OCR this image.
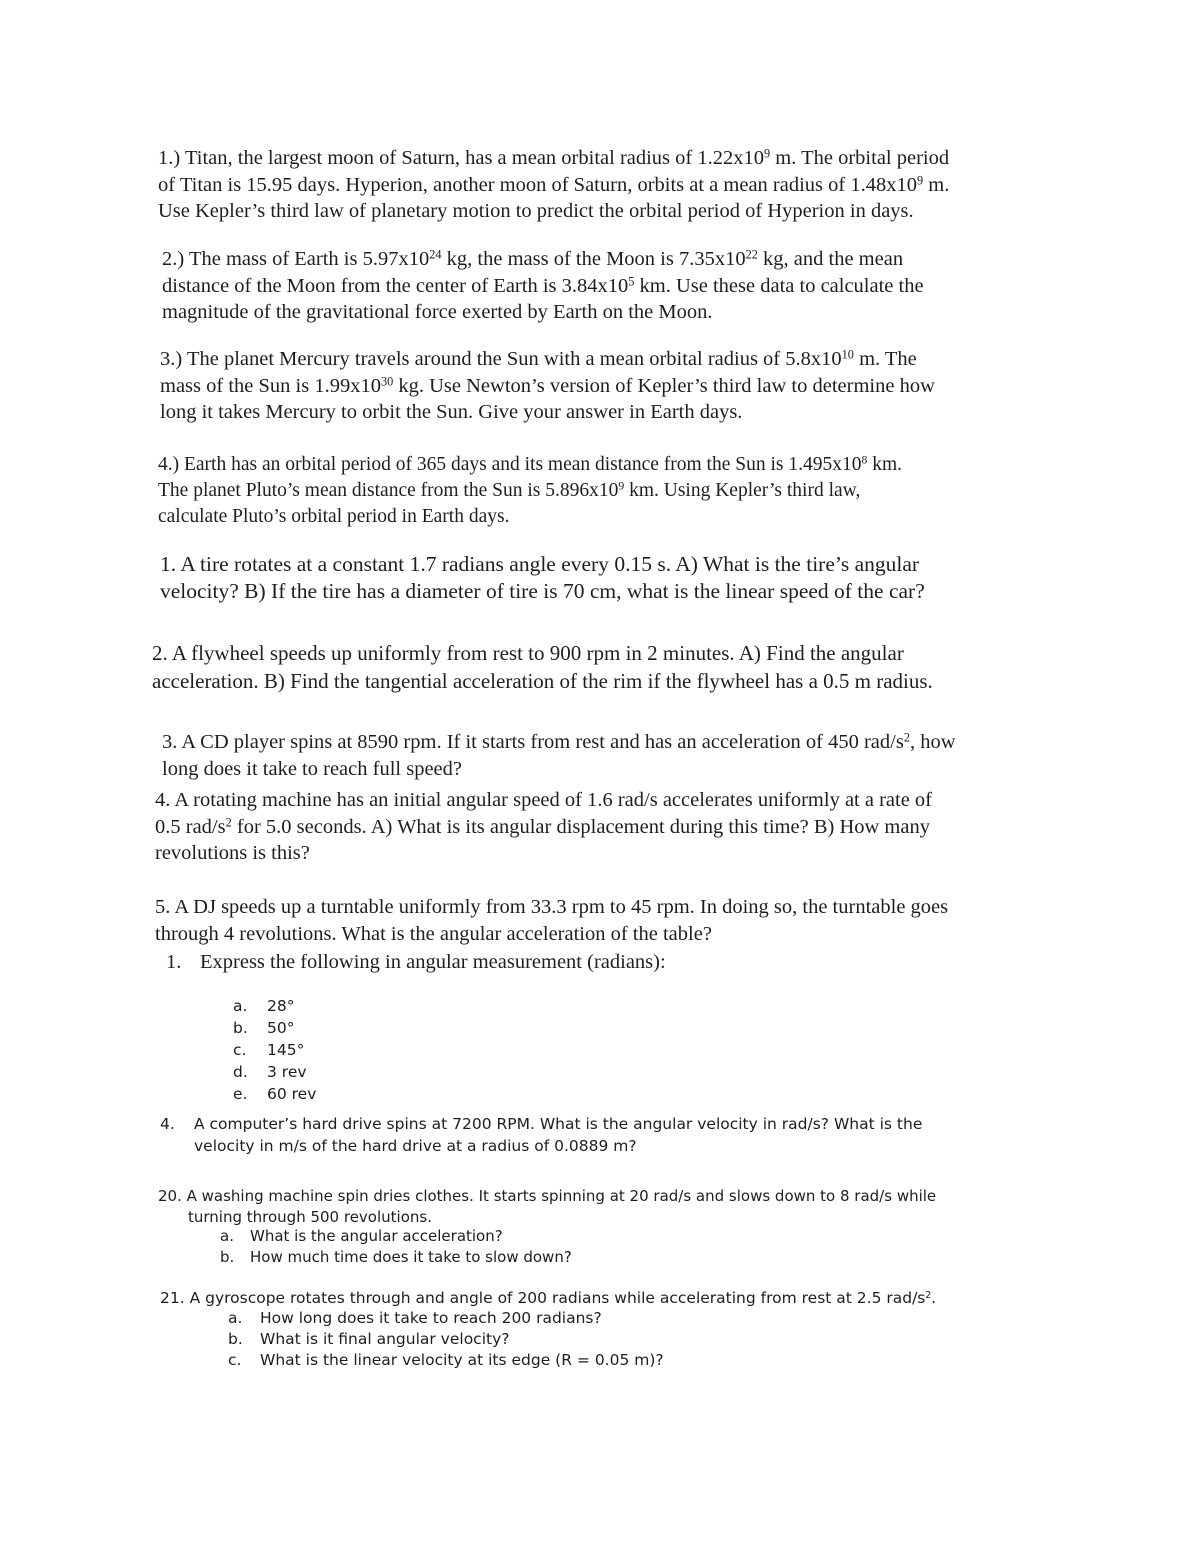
1.) Titan, the largest moon of Saturn, has a mean orbital radius of $1.22x10^9$ m. The orbital period
of Titan is 15.95 days. Hyperion, another moon of Saturn, orbits at a mean radius of $1.48x10^9$ m.
Use Kepler’s third law of planetary motion to predict the orbital period of Hyperion in days.
2.) The mass of Earth is $5.97x10^{24}$ kg, the mass of the Moon is $7.35x10^{22}$ kg, and the mean
distance of the Moon from the center of Earth is $3.84x10^5$ km. Use these data to calculate the
magnitude of the gravitational force exerted by Earth on the Moon.
3.) The planet Mercury travels around the Sun with a mean orbital radius of $5.8x10^{10}$ m. The
mass of the Sun is $1.99x10^{30}$ kg. Use Newton’s version of Kepler’s third law to determine how
long it takes Mercury to orbit the Sun. Give your answer in Earth days.
4.) Earth has an orbital period of 365 days and its mean distance from the Sun is $1.495x10^8$ km.
The planet Pluto’s mean distance from the Sun is $5.896x10^9$ km. Using Kepler’s third law,
calculate Pluto’s orbital period in Earth days.
1. A tire rotates at a constant 1.7 radians angle every 0.15 s. A) What is the tire’s angular
velocity? B) If the tire has a diameter of tire is 70 cm, what is the linear speed of the car?
2. A flywheel speeds up uniformly from rest to 900 rpm in 2 minutes. A) Find the angular
acceleration. B) Find the tangential acceleration of the rim if the flywheel has a 0.5 m radius.
3. A CD player spins at 8590 rpm. If it starts from rest and has an acceleration of 450 rad/$s^2$, how
long does it take to reach full speed?
4. A rotating machine has an initial angular speed of 1.6 rad/s accelerates uniformly at a rate of
0.5 rad/$s^2$ for 5.0 seconds. A) What is its angular displacement during this time? B) How many
revolutions is this?
5. A DJ speeds up a turntable uniformly from 33.3 rpm to 45 rpm. In doing so, the turntable goes
through 4 revolutions. What is the angular acceleration of the table?
1. Express the following in angular measurement (radians):
a. 28°
b. 50°
c. 145°
d. 3 rev
e. 60 rev
4. A computer’s hard drive spins at 7200 RPM. What is the angular velocity in rad/s? What is the
velocity in m/s of the hard drive at a radius of 0.0889 m?
20. A washing machine spin dries clothes. It starts spinning at 20 rad/s and slows down to 8 rad/s while
turning through 500 revolutions.
a. What is the angular acceleration?
b. How much time does it take to slow down?
21. A gyroscope rotates through and angle of 200 radians while accelerating from rest at 2.5 rad/$s^2$.
a. How long does it take to reach 200 radians?
b. What is it final angular velocity?
c. What is the linear velocity at its edge (R = 0.05 m)?
